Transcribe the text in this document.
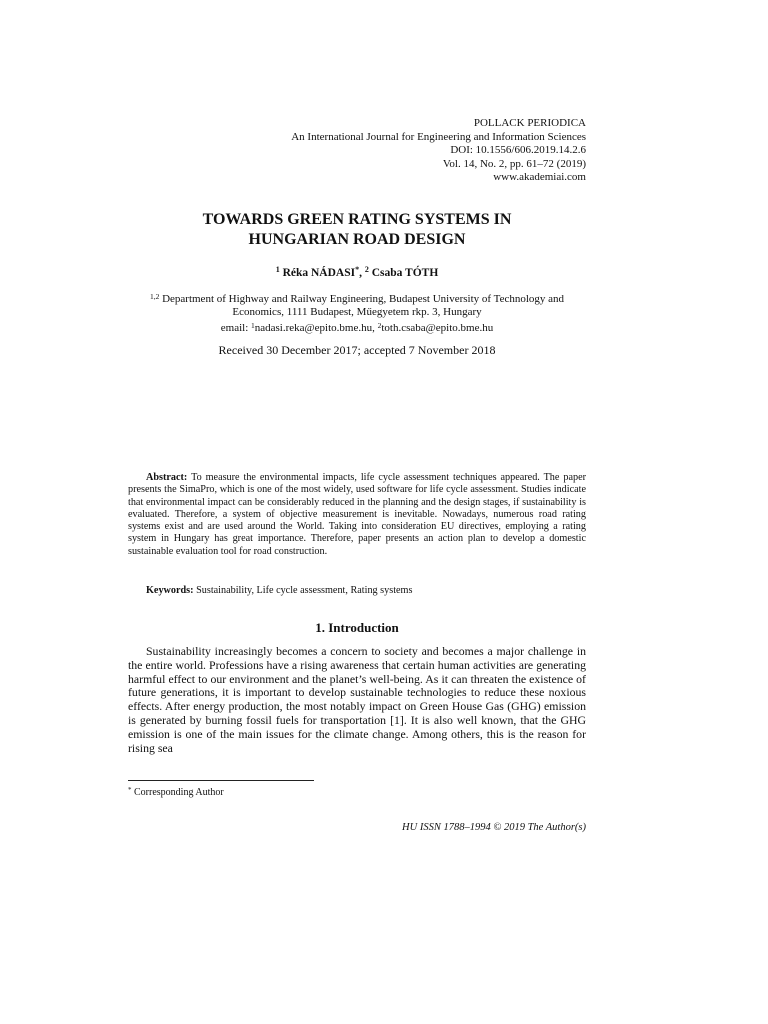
POLLACK PERIODICA
An International Journal for Engineering and Information Sciences
DOI: 10.1556/606.2019.14.2.6
Vol. 14, No. 2, pp. 61–72 (2019)
www.akademiai.com
TOWARDS GREEN RATING SYSTEMS IN
HUNGARIAN ROAD DESIGN
$^1$ Réka NÁDASI*, $^2$ Csaba TÓTH
$^{1,2}$ Department of Highway and Railway Engineering, Budapest University of Technology and
Economics, 1111 Budapest, Műegyetem rkp. 3, Hungary
email: $^1$nadasi.reka@epito.bme.hu, $^2$toth.csaba@epito.bme.hu
Received 30 December 2017; accepted 7 November 2018

Abstract: To measure the environmental impacts, life cycle assessment techniques appeared. The paper presents the SimaPro, which is one of the most widely, used software for life cycle assessment. Studies indicate that environmental impact can be considerably reduced in the planning and the design stages, if sustainability is evaluated. Therefore, a system of objective measurement is inevitable. Nowadays, numerous road rating systems exist and are used around the World. Taking into consideration EU directives, employing a rating system in Hungary has great importance. Therefore, paper presents an action plan to develop a domestic sustainable evaluation tool for road construction.

Keywords: Sustainability, Life cycle assessment, Rating systems
1. Introduction

Sustainability increasingly becomes a concern to society and becomes a major challenge in the entire world. Professions have a rising awareness that certain human activities are generating harmful effect to our environment and the planet’s well-being. As it can threaten the existence of future generations, it is important to develop sustainable technologies to reduce these noxious effects. After energy production, the most notably impact on Green House Gas (GHG) emission is generated by burning fossil fuels for transportation [1]. It is also well known, that the GHG emission is one of the main issues for the climate change. Among others, this is the reason for rising sea

* Corresponding Author
HU ISSN 1788–1994 © 2019 The Author(s)
